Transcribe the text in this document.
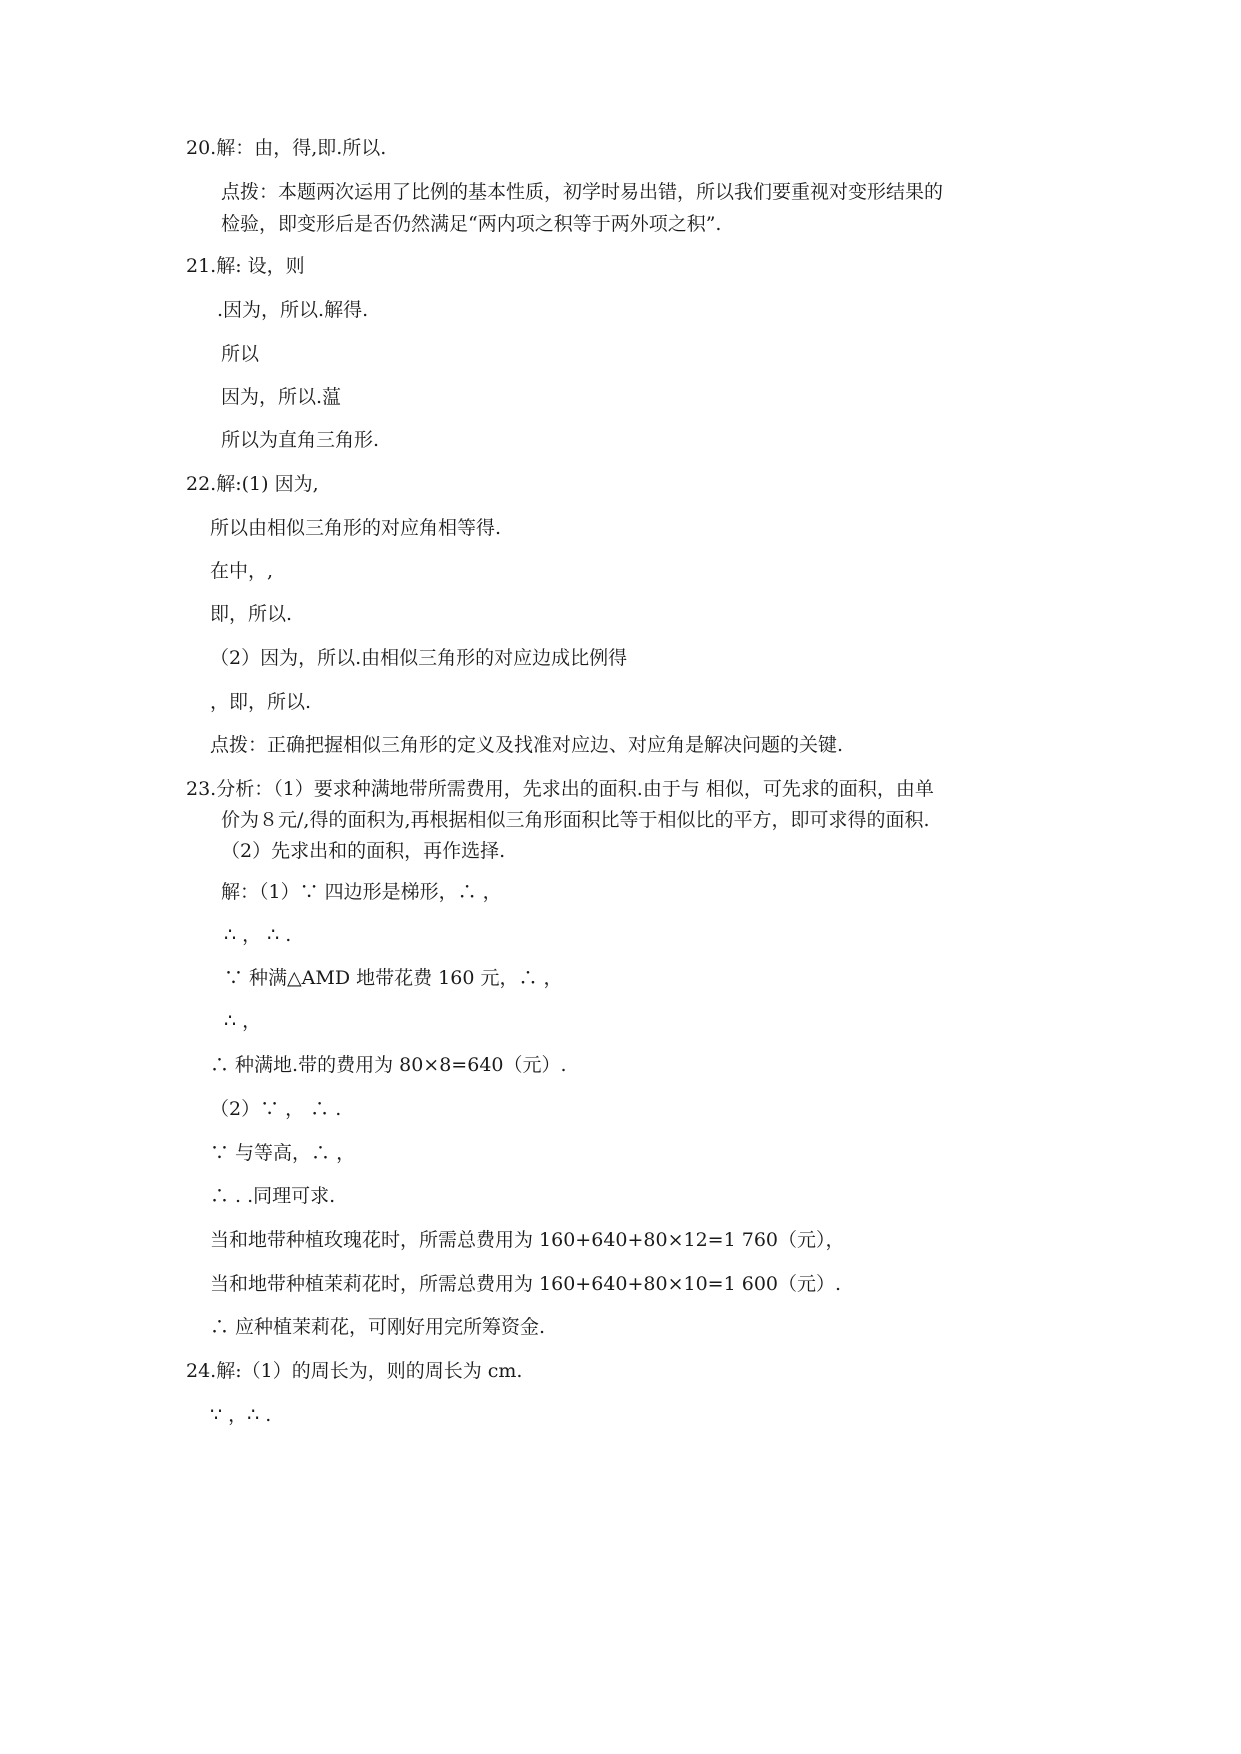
20.解：由，得,即.所以.
点拨：本题两次运用了比例的基本性质，初学时易出错，所以我们要重视对变形结果的
检验，即变形后是否仍然满足“两内项之积等于两外项之积”.
21.解: 设，则
.因为，所以.解得.
所以
因为，所以.蕰
所以为直角三角形.
22.解:(1) 因为,
所以由相似三角形的对应角相等得.
在中，,
即，所以.
（2）因为，所以.由相似三角形的对应边成比例得
，即，所以.
点拨：正确把握相似三角形的定义及找准对应边、对应角是解决问题的关键.
23.分析：（1）要求种满地带所需费用，先求出的面积.由于与 相似，可先求的面积，由单
价为８元/,得的面积为,再根据相似三角形面积比等于相似比的平方，即可求得的面积.
（2）先求出和的面积，再作选择.
解：（1）∵ 四边形是梯形，∴ ，
∴ ， ∴ .
∵ 种满△AMD 地带花费 160 元，∴ ，
∴ ，
∴ 种满地.带的费用为 80×8=640（元）.
（2）∵ ， ∴ .
∵ 与等高，∴ ，
∴ . .同理可求.
当和地带种植玫瑰花时，所需总费用为 160+640+80×12=1 760（元），
当和地带种植茉莉花时，所需总费用为 160+640+80×10=1 600（元）.
∴ 应种植茉莉花，可刚好用完所筹资金.
24.解:（1）的周长为，则的周长为 cm.
∵ ，∴ .
